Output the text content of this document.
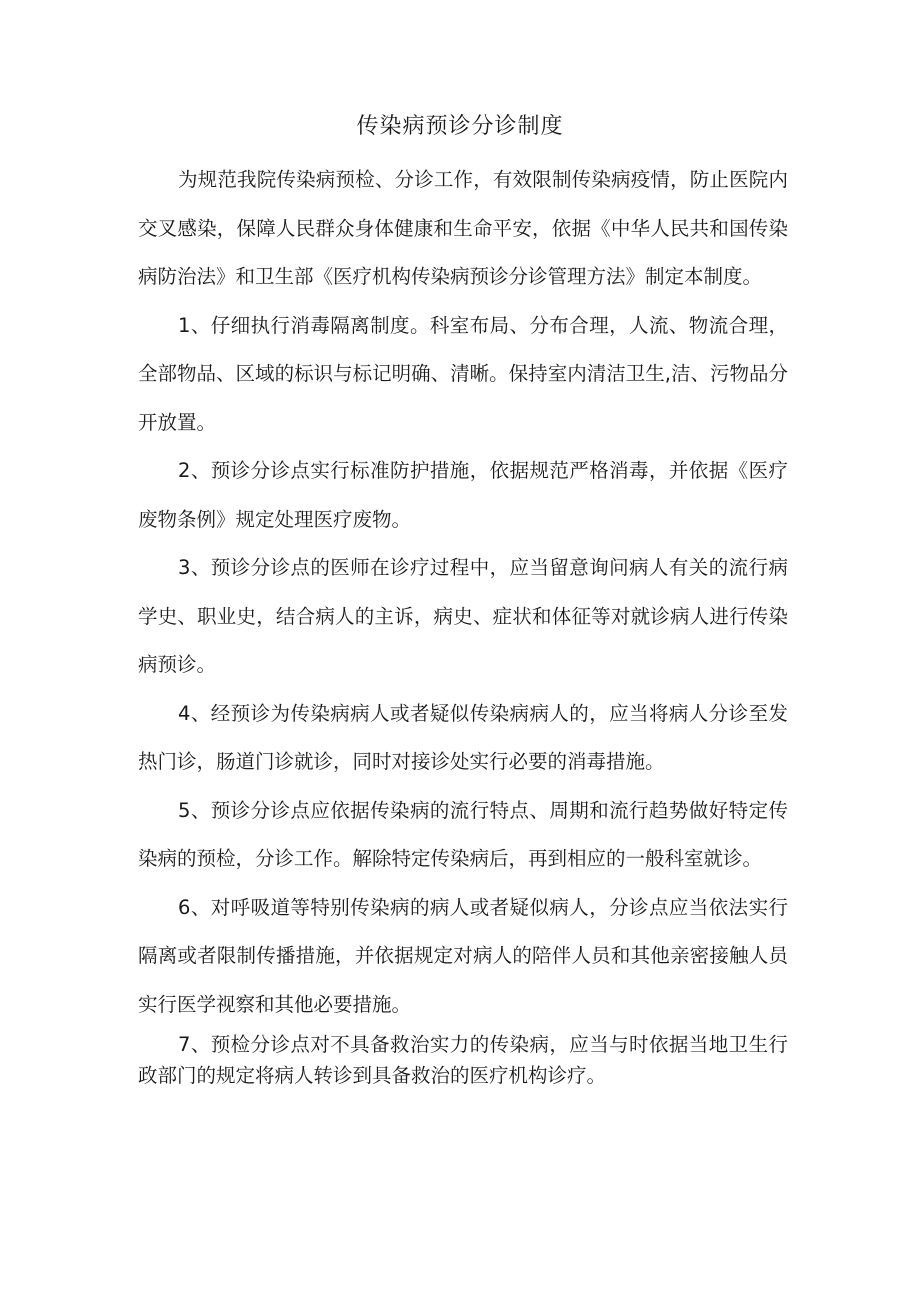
传染病预诊分诊制度

为规范我院传染病预检、分诊工作，有效限制传染病疫情，防止医院内交叉感染，保障人民群众身体健康和生命平安，依据《中华人民共和国传染病防治法》和卫生部《医疗机构传染病预诊分诊管理方法》制定本制度。

1、仔细执行消毒隔离制度。科室布局、分布合理，人流、物流合理，全部物品、区域的标识与标记明确、清晰。保持室内清洁卫生,洁、污物品分开放置。

2、预诊分诊点实行标准防护措施，依据规范严格消毒，并依据《医疗废物条例》规定处理医疗废物。

3、预诊分诊点的医师在诊疗过程中，应当留意询问病人有关的流行病学史、职业史，结合病人的主诉，病史、症状和体征等对就诊病人进行传染病预诊。

4、经预诊为传染病病人或者疑似传染病病人的，应当将病人分诊至发热门诊，肠道门诊就诊，同时对接诊处实行必要的消毒措施。

5、预诊分诊点应依据传染病的流行特点、周期和流行趋势做好特定传染病的预检，分诊工作。解除特定传染病后，再到相应的一般科室就诊。

6、对呼吸道等特别传染病的病人或者疑似病人，分诊点应当依法实行隔离或者限制传播措施，并依据规定对病人的陪伴人员和其他亲密接触人员实行医学视察和其他必要措施。

7、预检分诊点对不具备救治实力的传染病，应当与时依据当地卫生行政部门的规定将病人转诊到具备救治的医疗机构诊疗。
